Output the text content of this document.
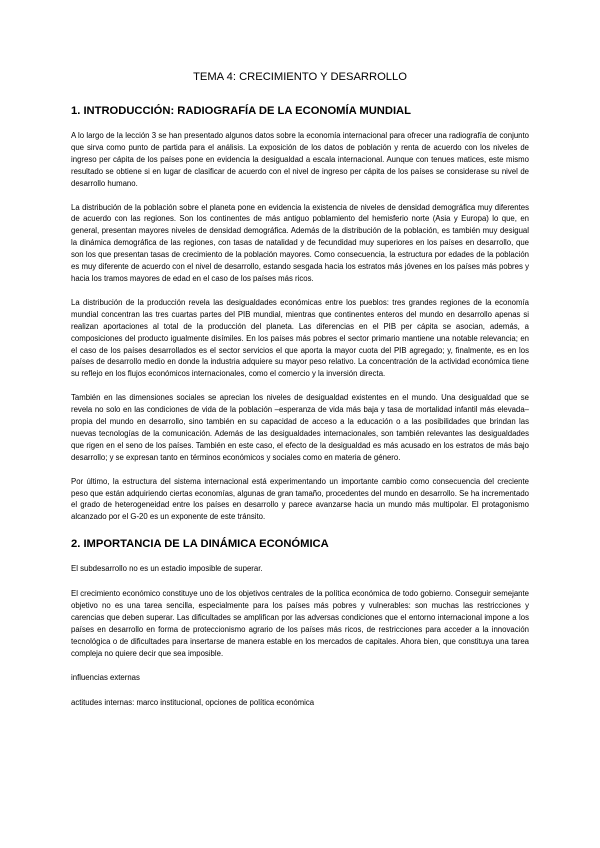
TEMA 4: CRECIMIENTO Y DESARROLLO
1. INTRODUCCIÓN: RADIOGRAFÍA DE LA ECONOMÍA MUNDIAL
A lo largo de la lección 3 se han presentado algunos datos sobre la economía internacional para ofrecer una radiografía de conjunto que sirva como punto de partida para el análisis. La exposición de los datos de población y renta de acuerdo con los niveles de ingreso per cápita de los países pone en evidencia la desigualdad a escala internacional. Aunque con tenues matices, este mismo resultado se obtiene si en lugar de clasificar de acuerdo con el nivel de ingreso per cápita de los países se considerase su nivel de desarrollo humano.
La distribución de la población sobre el planeta pone en evidencia la existencia de niveles de densidad demográfica muy diferentes de acuerdo con las regiones. Son los continentes de más antiguo poblamiento del hemisferio norte (Asia y Europa) lo que, en general, presentan mayores niveles de densidad demográfica. Además de la distribución de la población, es también muy desigual la dinámica demográfica de las regiones, con tasas de natalidad y de fecundidad muy superiores en los países en desarrollo, que son los que presentan tasas de crecimiento de la población mayores. Como consecuencia, la estructura por edades de la población es muy diferente de acuerdo con el nivel de desarrollo, estando sesgada hacia los estratos más jóvenes en los países más pobres y hacia los tramos mayores de edad en el caso de los países más ricos.
La distribución de la producción revela las desigualdades económicas entre los pueblos: tres grandes regiones de la economía mundial concentran las tres cuartas partes del PIB mundial, mientras que continentes enteros del mundo en desarrollo apenas si realizan aportaciones al total de la producción del planeta. Las diferencias en el PIB per cápita se asocian, además, a composiciones del producto igualmente disímiles. En los países más pobres el sector primario mantiene una notable relevancia; en el caso de los países desarrollados es el sector servicios el que aporta la mayor cuota del PIB agregado; y, finalmente, es en los países de desarrollo medio en donde la industria adquiere su mayor peso relativo. La concentración de la actividad económica tiene su reflejo en los flujos económicos internacionales, como el comercio y la inversión directa.
También en las dimensiones sociales se aprecian los niveles de desigualdad existentes en el mundo. Una desigualdad que se revela no solo en las condiciones de vida de la población –esperanza de vida más baja y tasa de mortalidad infantil más elevada– propia del mundo en desarrollo, sino también en su capacidad de acceso a la educación o a las posibilidades que brindan las nuevas tecnologías de la comunicación. Además de las desigualdades internacionales, son también relevantes las desigualdades que rigen en el seno de los países. También en este caso, el efecto de la desigualdad es más acusado en los estratos de más bajo desarrollo; y se expresan tanto en términos económicos y sociales como en materia de género.
Por último, la estructura del sistema internacional está experimentando un importante cambio como consecuencia del creciente peso que están adquiriendo ciertas economías, algunas de gran tamaño, procedentes del mundo en desarrollo. Se ha incrementado el grado de heterogeneidad entre los países en desarrollo y parece avanzarse hacia un mundo más multipolar. El protagonismo alcanzado por el G-20 es un exponente de este tránsito.
2. IMPORTANCIA DE LA DINÁMICA ECONÓMICA
El subdesarrollo no es un estadio imposible de superar.
El crecimiento económico constituye uno de los objetivos centrales de la política económica de todo gobierno. Conseguir semejante objetivo no es una tarea sencilla, especialmente para los países más pobres y vulnerables: son muchas las restricciones y carencias que deben superar. Las dificultades se amplifican por las adversas condiciones que el entorno internacional impone a los países en desarrollo en forma de proteccionismo agrario de los países más ricos, de restricciones para acceder a la innovación tecnológica o de dificultades para insertarse de manera estable en los mercados de capitales. Ahora bien, que constituya una tarea compleja no quiere decir que sea imposible.
influencias externas
actitudes internas: marco institucional, opciones de política económica
